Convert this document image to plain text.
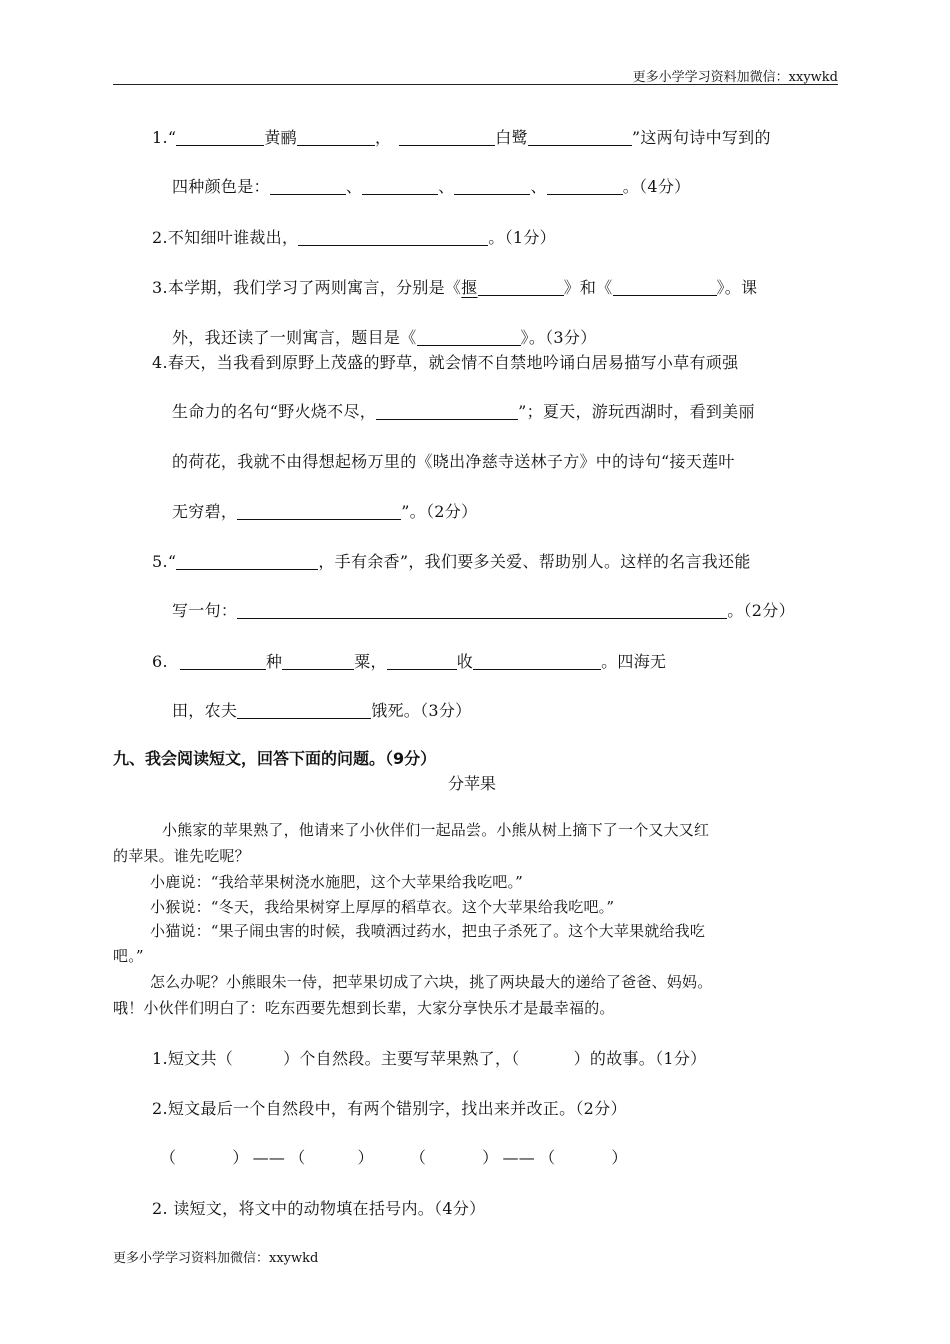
更多小学学习资料加微信：xxywkd
1.“	黄鹂	，	白鹭	”这两句诗中写到的
四种颜色是：	、	、	、	。（4分）
2.不知细叶谁裁出，	。（1分）
3.本学期，我们学习了两则寓言，分别是《揠	》和《	》。课
外，我还读了一则寓言，题目是《	》。（3分）
4.春天，当我看到原野上茂盛的野草，就会情不自禁地吟诵白居易描写小草有顽强
生命力的名句“野火烧不尽，	”；夏天，游玩西湖时，看到美丽
的荷花，我就不由得想起杨万里的《晓出净慈寺送林子方》中的诗句“接天莲叶
无穷碧，	”。（2分）
5.“	，手有余香”，我们要多关爱、帮助别人。这样的名言我还能
写一句：	。（2分）
6.	种	粟，	收	。四海无
田，农夫	饿死。（3分）
九、我会阅读短文，回答下面的问题。（9分）
分苹果
小熊家的苹果熟了，他请来了小伙伴们一起品尝。小熊从树上摘下了一个又大又红
的苹果。谁先吃呢？
小鹿说：“我给苹果树浇水施肥，这个大苹果给我吃吧。”
小猴说：“冬天，我给果树穿上厚厚的稻草衣。这个大苹果给我吃吧。”
小猫说：“果子闹虫害的时候，我喷洒过药水，把虫子杀死了。这个大苹果就给我吃
吧。”
怎么办呢？小熊眼朱一侍，把苹果切成了六块，挑了两块最大的递给了爸爸、妈妈。
哦！小伙伴们明白了：吃东西要先想到长辈，大家分享快乐才是最幸福的。
1.短文共（	）个自然段。主要写苹果熟了，（	）的故事。（1分）
2.短文最后一个自然段中，有两个错别字，找出来并改正。（2分）
（	） —— （	） （	） —— （	）
2. 读短文，将文中的动物填在括号内。（4分）
更多小学学习资料加微信：xxywkd
